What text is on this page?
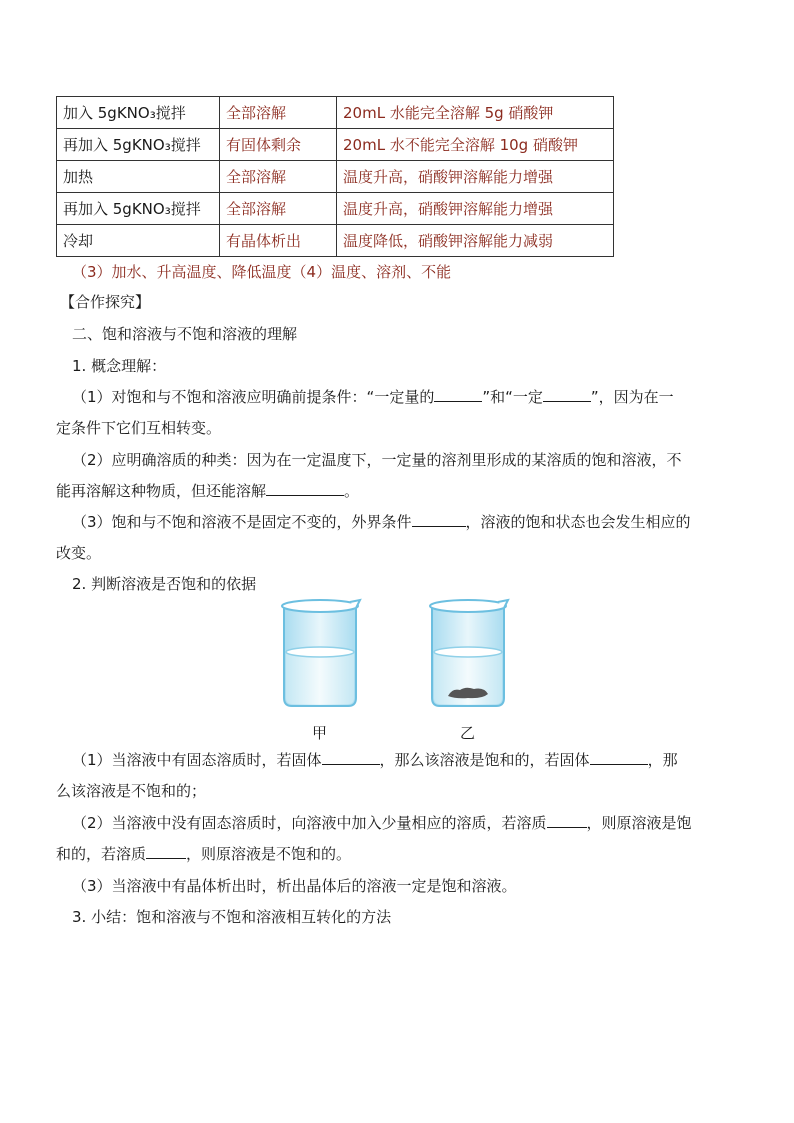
加入 5gKNO₃搅拌	全部溶解	20mL 水能完全溶解 5g 硝酸钾
再加入 5gKNO₃搅拌	有固体剩余	20mL 水不能完全溶解 10g 硝酸钾
加热	全部溶解	温度升高，硝酸钾溶解能力增强
再加入 5gKNO₃搅拌	全部溶解	温度升高，硝酸钾溶解能力增强
冷却	有晶体析出	温度降低，硝酸钾溶解能力减弱
（3）加水、升高温度、降低温度（4）温度、溶剂、不能
【合作探究】
二、饱和溶液与不饱和溶液的理解
1. 概念理解：
（1）对饱和与不饱和溶液应明确前提条件：“一定量的	”和“一定	”，因为在一
定条件下它们互相转变。
（2）应明确溶质的种类：因为在一定温度下，一定量的溶剂里形成的某溶质的饱和溶液，不
能再溶解这种物质，但还能溶解	。
（3）饱和与不饱和溶液不是固定不变的，外界条件	，溶液的饱和状态也会发生相应的
改变。
2. 判断溶液是否饱和的依据
甲	乙
（1）当溶液中有固态溶质时，若固体	，那么该溶液是饱和的，若固体	，那
么该溶液是不饱和的；
（2）当溶液中没有固态溶质时，向溶液中加入少量相应的溶质，若溶质	，则原溶液是饱
和的，若溶质	，则原溶液是不饱和的。
（3）当溶液中有晶体析出时，析出晶体后的溶液一定是饱和溶液。
3. 小结：饱和溶液与不饱和溶液相互转化的方法
